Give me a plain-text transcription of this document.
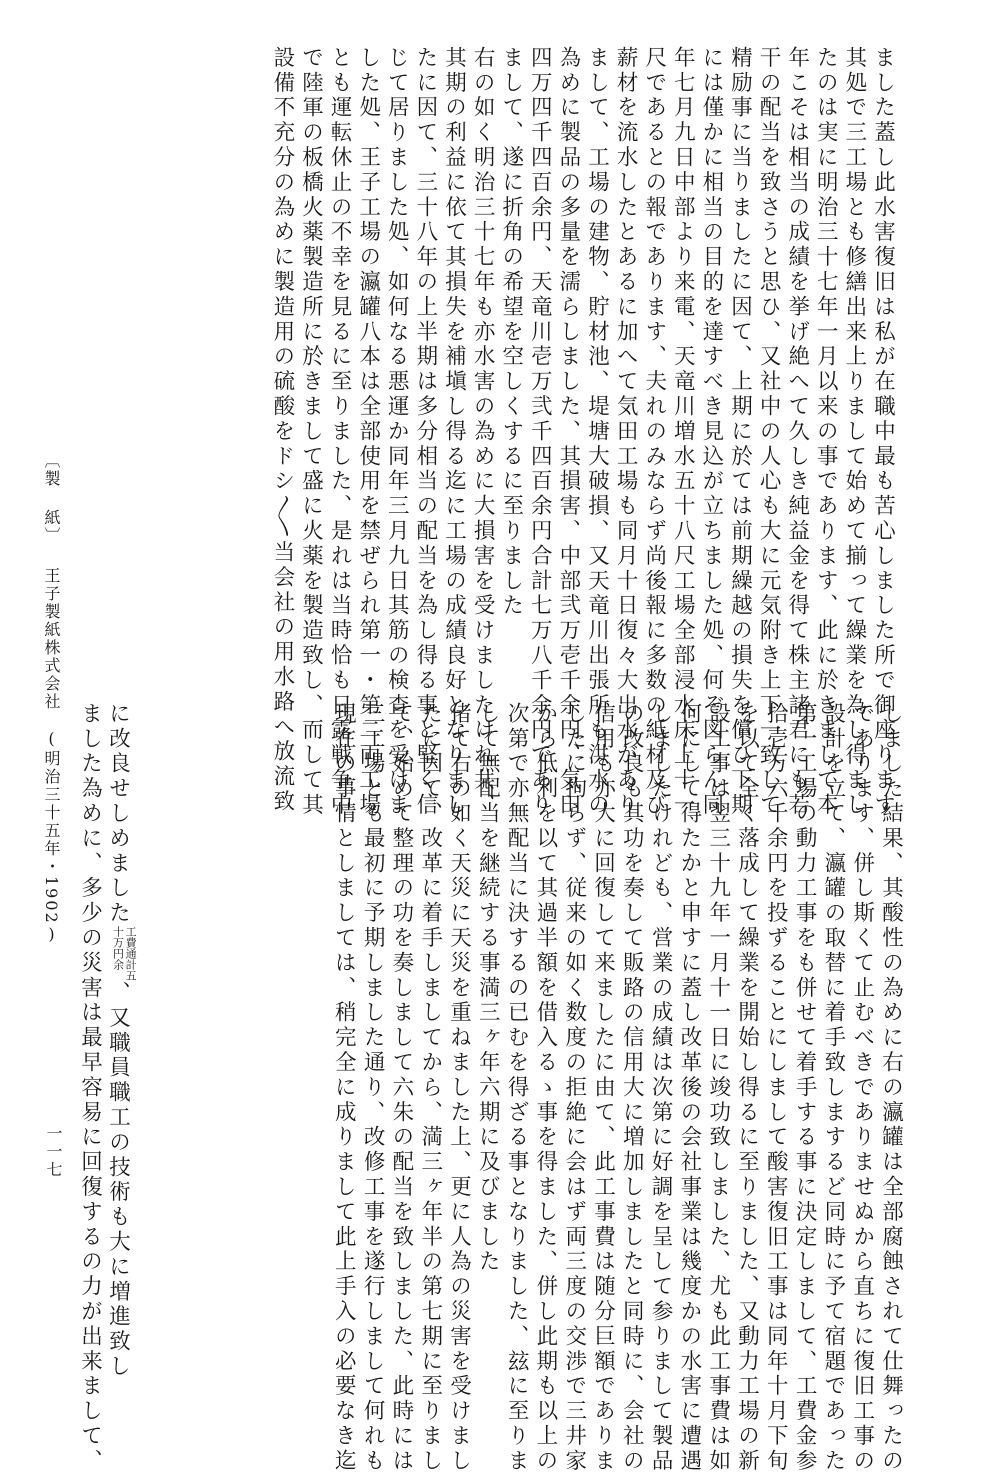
ました蓋し此水害復旧は私が在職中最も苦心しました所で御座ります

其処で三工場とも修繕出来上りまして始めて揃って繰業を為し得まし

たのは実に明治三十七年一月以来の事であります、此に於きまして本

年こそは相当の成績を挙げ絶へて久しき純益金を得て株主諸君にも若

干の配当を致さうと思ひ、又社中の人心も大に元気附き上下一致して

精励事に当りましたに因て、上期に於ては前期繰越の損失を償ひ下期

には僅かに相当の目的を達すべき見込が立ちました処、何ぞ図らん同

年七月九日中部より来電、天竜川増水五十八尺工場全部浸水床上十一

尺であるとの報であります、夫れのみならず尚後報に多数の紙材及び

薪材を流水したとあるに加へて気田工場も同月十日復々大出水があり

まして、工場の建物、貯材池、堤塘大破損、又天竜川出張所も洪水の

為めに製品の多量を濡らしました、其損害、中部弐万壱千余円、気田

四万四千四百余円、天竜川壱万弐千四百余円合計七万八千余円であり

まして、遂に折角の希望を空しくするに至りました

右の如く明治三十七年も亦水害の為めに大損害を受けましたけれ共、

其期の利益に依て其損失を補塡し得る迄に工場の成績良好となりまし

たに因て、三十八年の上半期は多分相当の配当を為し得る事と堅く信

じて居りました処、如何なる悪運か同年三月九日其筋の検査を受けま

した処、王子工場の瀛罐八本は全部使用を禁ぜられ第一・第二両工場

とも運転休止の不幸を見るに至りました、是れは当時恰も日露戦争中

で陸軍の板橋火薬製造所に於きまして盛に火薬を製造致し、而して其

設備不充分の為めに製造用の硫酸をドシ〳〵当会社の用水路へ放流致

しました結果、其酸性の為めに右の瀛罐は全部腐蝕されて仕舞ったの

であります、併し斯くて止むべきでありませぬから直ちに復旧工事の

設計を立て、瀛罐の取替に着手致しまするど同時に予て宿題であった

第一工場の動力工事をも併せて着手する事に決定しまして、工費金参

拾壱万六千余円を投ずることにしまして酸害復旧工事は同年十月下旬

を以て全く落成して繰業を開始し得るに至りました、又動力工場の新

設工事は翌三十九年一月十一日に竣功致しました、尤も此工事費は如

何にして得たかと申すに蓋し改革後の会社事業は幾度かの水害に遭遇

しましたけれども、営業の成績は次第に好調を呈して参りまして製品

の改良も其功を奏して販路の信用大に増加しましたと同時に、会社の

信用も亦大に回復して来ましたに由て、此工事費は随分巨額でありま

したに拘らず、従来の如く数度の拒絶に会はず両三度の交渉で三井家

から低利を以て其過半額を借入るゝ事を得ました、併し此期も以上の

次第で亦無配当に決するの已むを得ざる事となりました、玆に至りま

して無配当を継続する事満三ヶ年六期に及びました

偖て右の如く天災に天災を重ねました上、更に人為の災害を受けまし

たに因て、改革に着手しましてから、満三ヶ年半の第七期に至りまし

て、始めて整理の功を奏しまして六朱の配当を致しました、此時には

三工場とも最初に予期しました通り、改修工事を遂行しまして何れも

現在の事情としましては、稍完全に成りまして此上手入の必要なき迄

に改良せしめました工費通計五
十万円余、又職員職工の技術も大に増進致し

ました為めに、多少の災害は最早容易に回復するの力が出来まして、

〔製 紙〕王子製紙株式会社(明治三十五年・1902)
一一七
